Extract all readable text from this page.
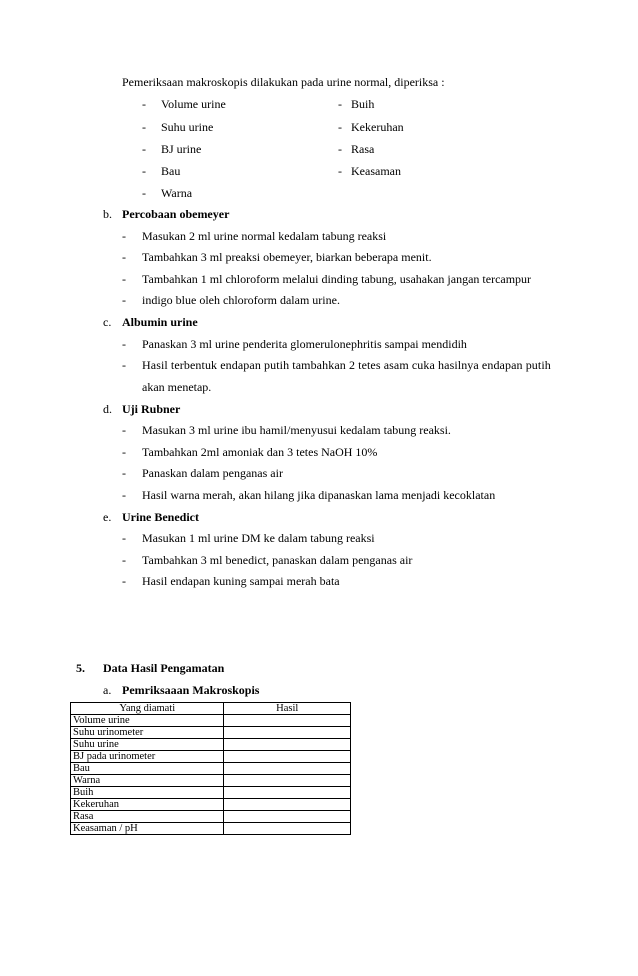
Pemeriksaan makroskopis dilakukan pada urine normal, diperiksa :
- Volume urine
- Suhu urine
- BJ urine
- Bau
- Warna
- Buih
- Kekeruhan
- Rasa
- Keasaman
b. Percobaan obemeyer
- Masukan 2 ml urine normal kedalam tabung reaksi
- Tambahkan 3 ml preaksi obemeyer, biarkan beberapa menit.
- Tambahkan 1 ml chloroform melalui dinding tabung, usahakan jangan tercampur
- indigo blue oleh chloroform dalam urine.
c. Albumin urine
- Panaskan 3 ml urine penderita glomerulonephritis sampai mendidih
- Hasil terbentuk endapan putih tambahkan 2 tetes asam cuka hasilnya endapan putih
akan menetap.
d. Uji Rubner
- Masukan 3 ml urine ibu hamil/menyusui kedalam tabung reaksi.
- Tambahkan 2ml amoniak dan 3 tetes NaOH 10%
- Panaskan dalam penganas air
- Hasil warna merah, akan hilang jika dipanaskan lama menjadi kecoklatan
e. Urine Benedict
- Masukan 1 ml urine DM ke dalam tabung reaksi
- Tambahkan 3 ml benedict, panaskan dalam penganas air
- Hasil endapan kuning sampai merah bata
5. Data Hasil Pengamatan
a. Pemriksaaan Makroskopis
Yang diamati	Hasil
Volume urine	
Suhu urinometer	
Suhu urine	
BJ pada urinometer	
Bau	
Warna	
Buih	
Kekeruhan	
Rasa	
Keasaman / pH	
